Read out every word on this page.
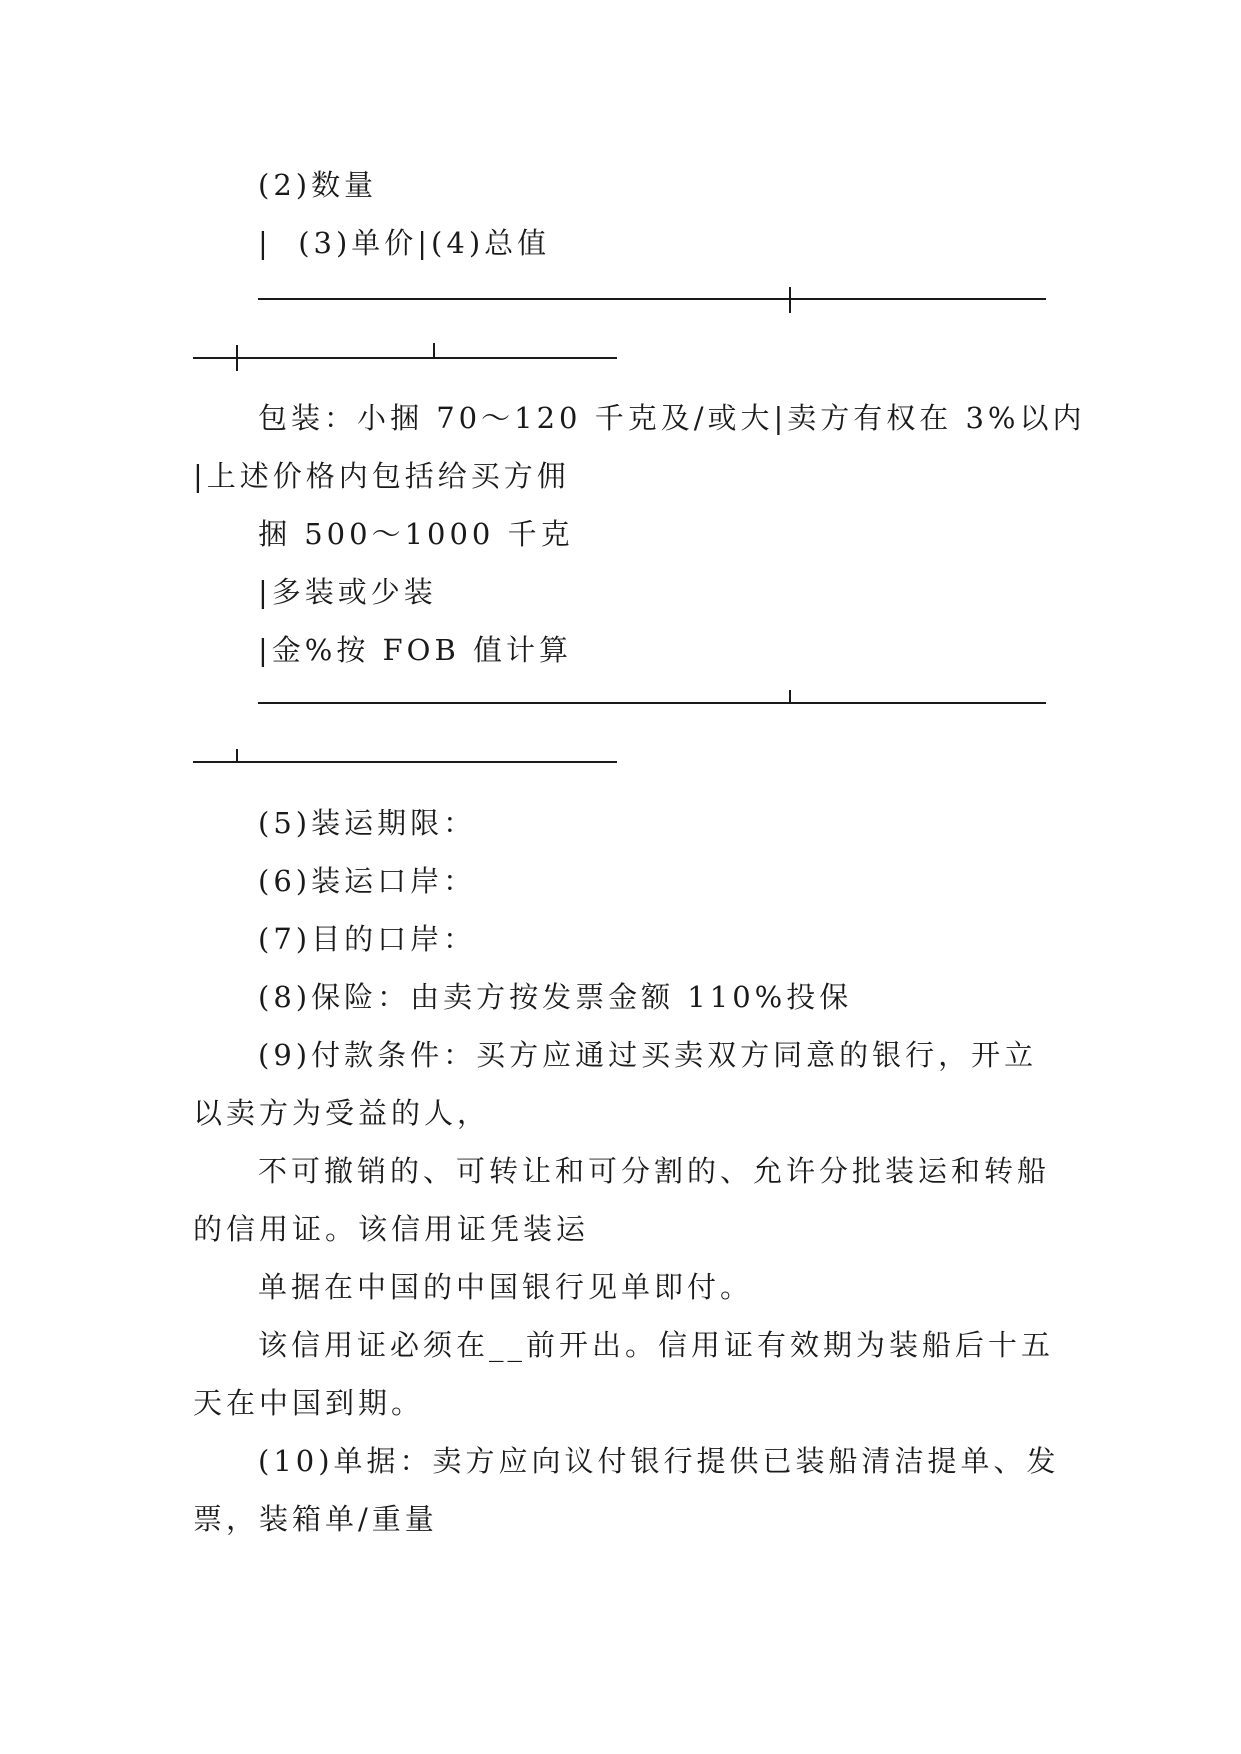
(2)数量

|  (3)单价|(4)总值

包装：小捆 70～120 千克及/或大|卖方有权在 3%以内

|上述价格内包括给买方佣

捆 500～1000 千克

|多装或少装

|金%按 FOB 值计算

(5)装运期限：

(6)装运口岸：

(7)目的口岸：

(8)保险：由卖方按发票金额 110%投保

(9)付款条件：买方应通过买卖双方同意的银行，开立

以卖方为受益的人，

不可撤销的、可转让和可分割的、允许分批装运和转船

的信用证。该信用证凭装运

单据在中国的中国银行见单即付。

该信用证必须在__前开出。信用证有效期为装船后十五

天在中国到期。

(10)单据：卖方应向议付银行提供已装船清洁提单、发

票，装箱单/重量
